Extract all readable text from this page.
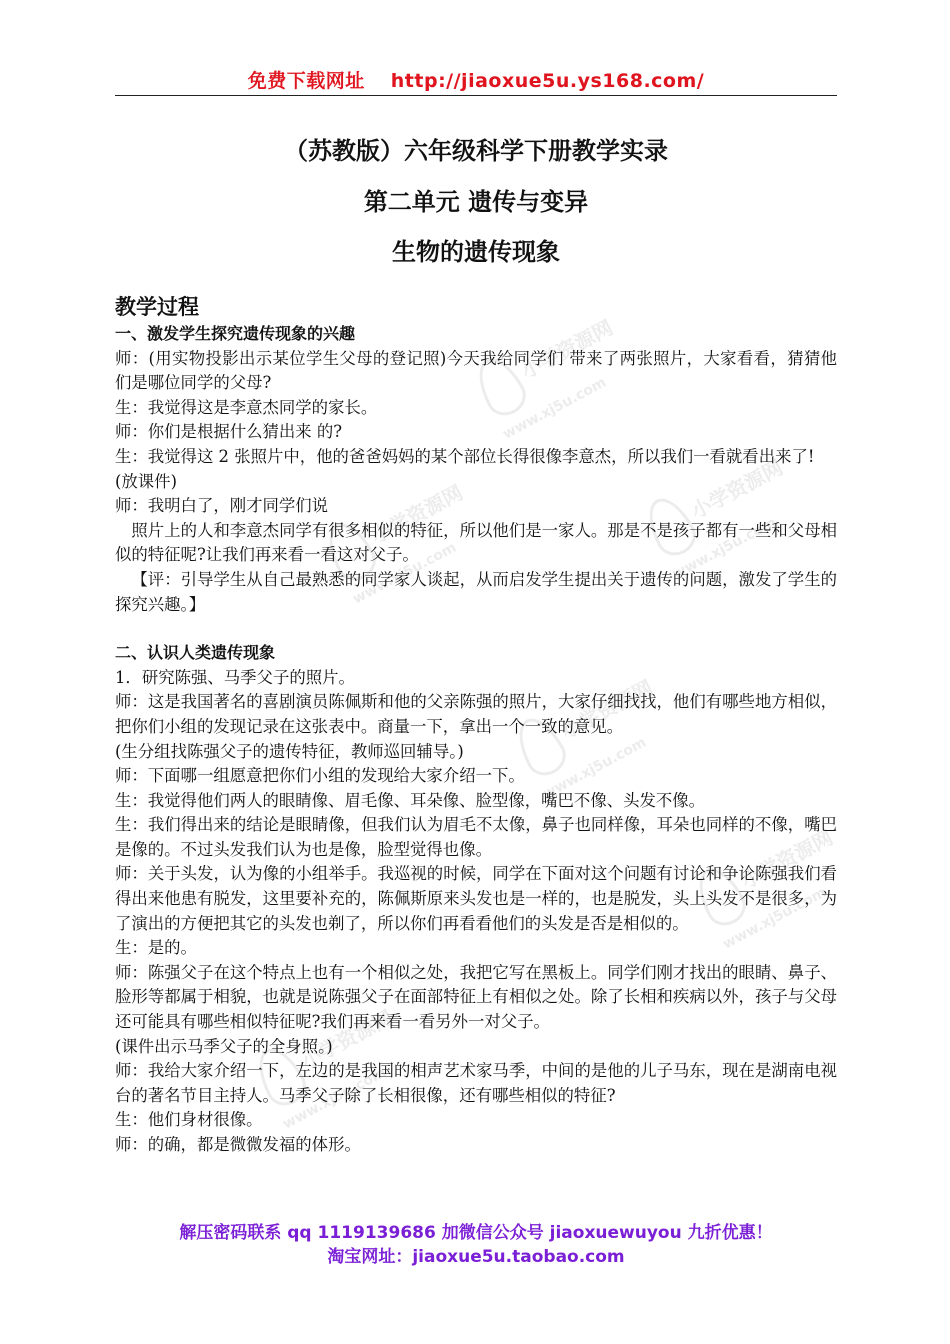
小学资源网
www.xj5u.com
小学资源网
www.xj5u.com
小学资源网
www.xj5u.com
小学资源网
www.xj5u.com
小学资源网
www.xj5u.com
小学资源网
www.xj5u.com
免费下载网址 http://jiaoxue5u.ys168.com/
（苏教版）六年级科学下册教学实录
第二单元 遗传与变异
生物的遗传现象
教学过程
一、激发学生探究遗传现象的兴趣

师：(用实物投影出示某位学生父母的登记照)今天我给同学们 带来了两张照片，大家看看，猜猜他 们是哪位同学的父母?

生：我觉得这是李意杰同学的家长。

师：你们是根据什么猜出来 的?

生：我觉得这 2 张照片中，他的爸爸妈妈的某个部位长得很像李意杰，所以我们一看就看出来了!

(放课件)

师：我明白了，刚才同学们说

照片上的人和李意杰同学有很多相似的特征，所以他们是一家人。那是不是孩子都有一些和父母相似的特征呢?让我们再来看一看这对父子。

【评：引导学生从自己最熟悉的同学家人谈起，从而启发学生提出关于遗传的问题，激发了学生的探究兴趣。】

二、认识人类遗传现象

1．研究陈强、马季父子的照片。

师：这是我国著名的喜剧演员陈佩斯和他的父亲陈强的照片，大家仔细找找，他们有哪些地方相似，把你们小组的发现记录在这张表中。商量一下，拿出一个一致的意见。

(生分组找陈强父子的遗传特征，教师巡回辅导。)

师：下面哪一组愿意把你们小组的发现给大家介绍一下。

生：我觉得他们两人的眼睛像、眉毛像、耳朵像、脸型像，嘴巴不像、头发不像。

生：我们得出来的结论是眼睛像，但我们认为眉毛不太像，鼻子也同样像，耳朵也同样的不像，嘴巴是像的。不过头发我们认为也是像，脸型觉得也像。

师：关于头发，认为像的小组举手。我巡视的时候，同学在下面对这个问题有讨论和争论陈强我们看得出来他患有脱发，这里要补充的，陈佩斯原来头发也是一样的，也是脱发，头上头发不是很多，为了演出的方便把其它的头发也剃了，所以你们再看看他们的头发是否是相似的。

生：是的。

师：陈强父子在这个特点上也有一个相似之处，我把它写在黑板上。同学们刚才找出的眼睛、鼻子、脸形等都属于相貌，也就是说陈强父子在面部特征上有相似之处。除了长相和疾病以外，孩子与父母还可能具有哪些相似特征呢?我们再来看一看另外一对父子。

(课件出示马季父子的全身照。)

师：我给大家介绍一下，左边的是我国的相声艺术家马季，中间的是他的儿子马东，现在是湖南电视台的著名节目主持人。马季父子除了长相很像，还有哪些相似的特征?

生：他们身材很像。

师：的确，都是微微发福的体形。

解压密码联系 qq 1119139686 加微信公众号 jiaoxuewuyou 九折优惠！
淘宝网址：jiaoxue5u.taobao.com
